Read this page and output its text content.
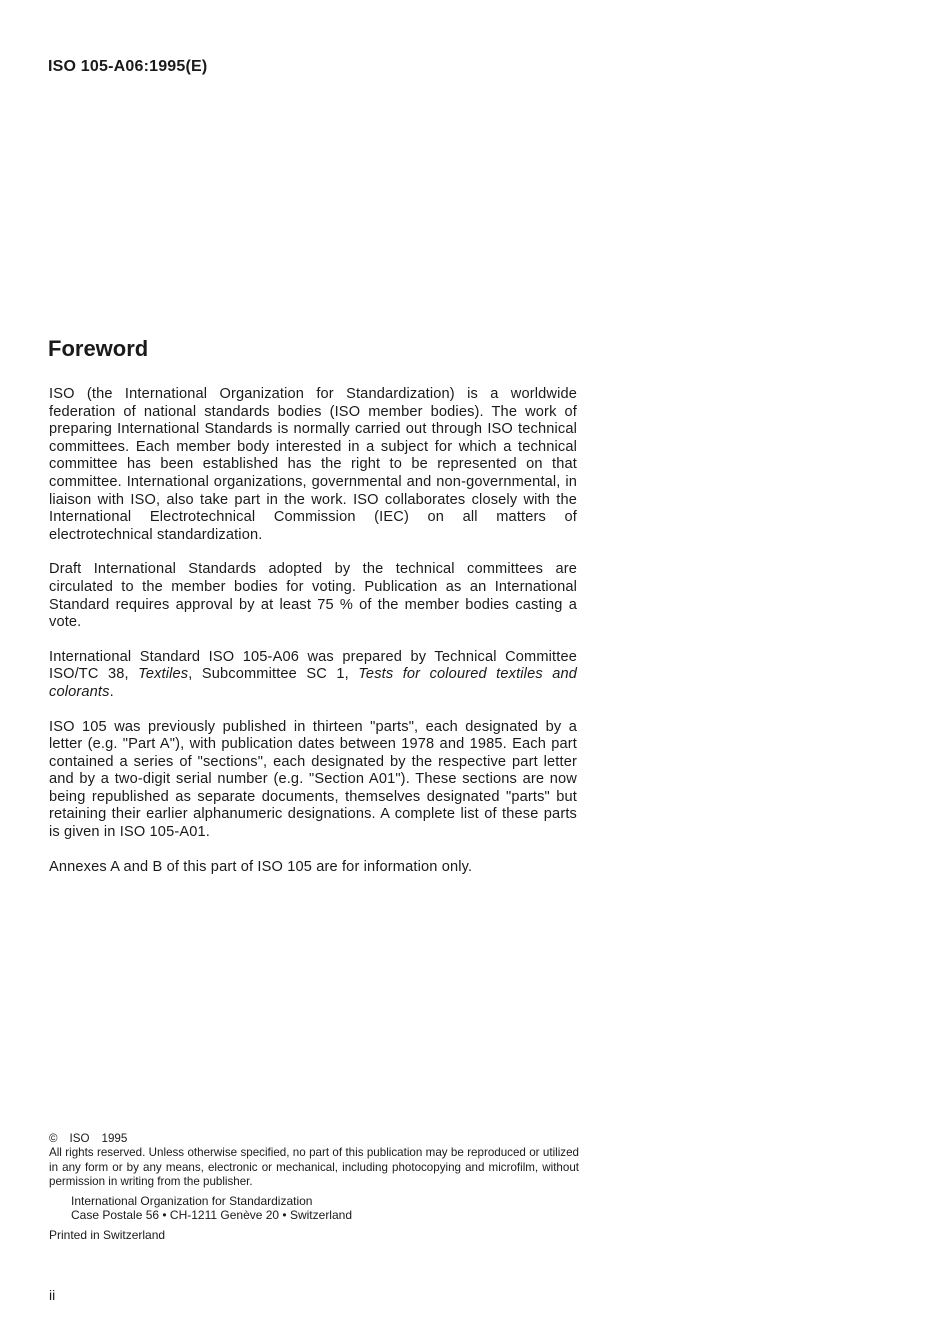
ISO 105-A06:1995(E)
Foreword

ISO (the International Organization for Standardization) is a worldwide federation of national standards bodies (ISO member bodies). The work of preparing International Standards is normally carried out through ISO technical committees. Each member body interested in a subject for which a technical committee has been established has the right to be represented on that committee. International organizations, governmental and non-governmental, in liaison with ISO, also take part in the work. ISO collaborates closely with the International Electrotechnical Commission (IEC) on all matters of electrotechnical standardization.

Draft International Standards adopted by the technical committees are circulated to the member bodies for voting. Publication as an International Standard requires approval by at least 75 % of the member bodies casting a vote.

International Standard ISO 105-A06 was prepared by Technical Committee ISO/TC 38, Textiles, Subcommittee SC 1, Tests for coloured textiles and colorants.

ISO 105 was previously published in thirteen "parts", each designated by a letter (e.g. "Part A"), with publication dates between 1978 and 1985. Each part contained a series of "sections", each designated by the respective part letter and by a two-digit serial number (e.g. "Section A01"). These sections are now being republished as separate documents, themselves designated "parts" but retaining their earlier alphanumeric designations. A complete list of these parts is given in ISO 105-A01.

Annexes A and B of this part of ISO 105 are for information only.

© ISO 1995
All rights reserved. Unless otherwise specified, no part of this publication may be reproduced or utilized in any form or by any means, electronic or mechanical, including photocopying and microfilm, without permission in writing from the publisher.
International Organization for Standardization
Case Postale 56 • CH-1211 Genève 20 • Switzerland
Printed in Switzerland
ii
